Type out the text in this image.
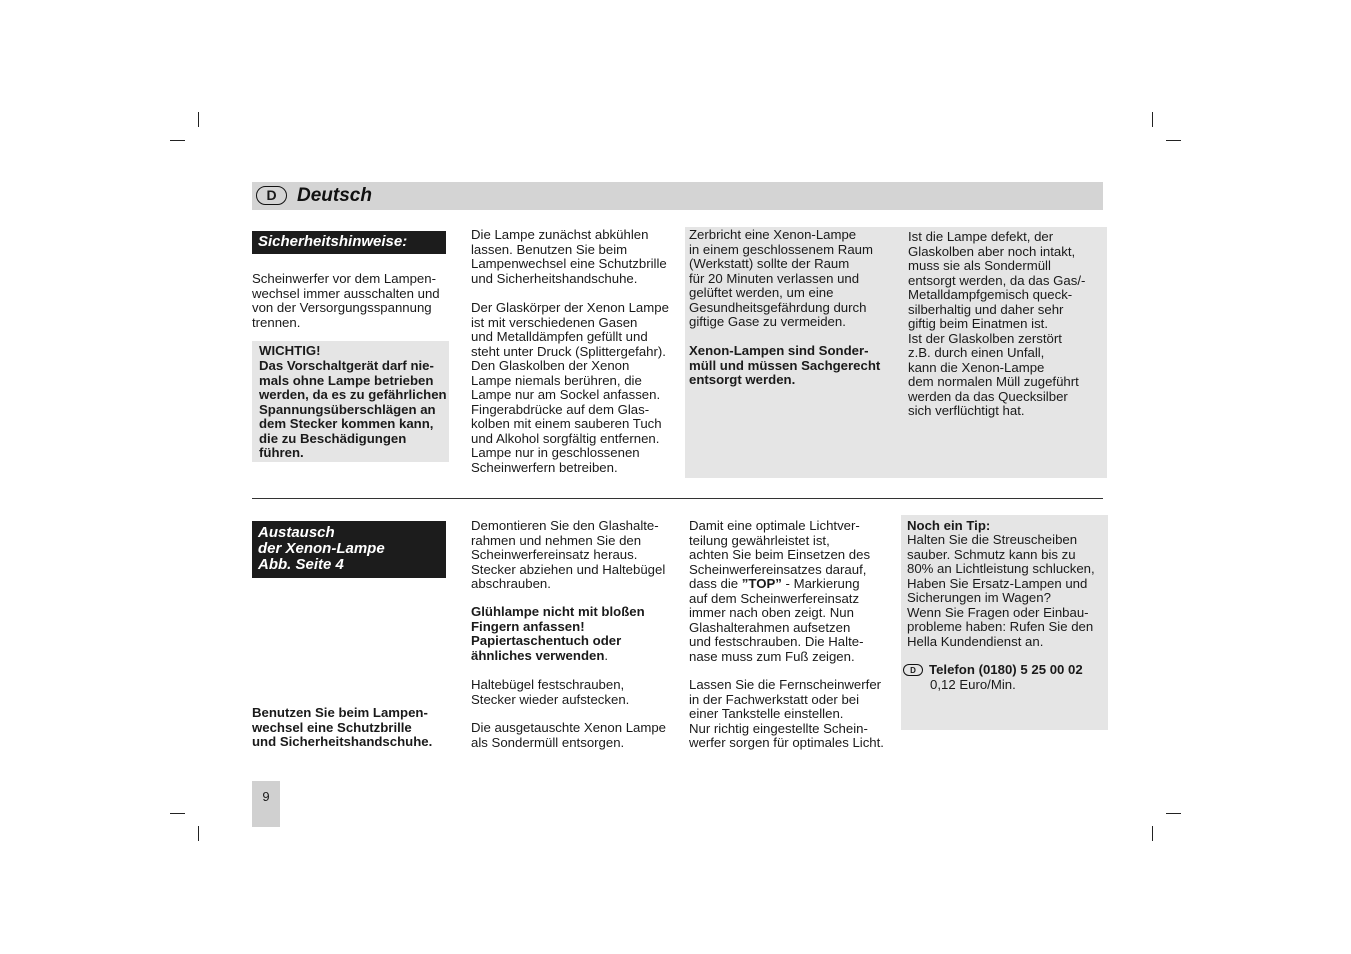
D	Deutsch
Sicherheitshinweise:

Scheinwerfer vor dem Lampen-
wechsel immer ausschalten und
von der Versorgungsspannung
trennen.

WICHTIG!
Das Vorschaltgerät darf nie-
mals ohne Lampe betrieben
werden, da es zu gefährlichen
Spannungsüberschlägen an
dem Stecker kommen kann,
die zu Beschädigungen
führen.

Die Lampe zunächst abkühlen
lassen. Benutzen Sie beim
Lampenwechsel eine Schutzbrille
und Sicherheitshandschuhe.

Der Glaskörper der Xenon Lampe
ist mit verschiedenen Gasen
und Metalldämpfen gefüllt und
steht unter Druck (Splittergefahr).
Den Glaskolben der Xenon
Lampe niemals berühren, die
Lampe nur am Sockel anfassen.
Fingerabdrücke auf dem Glas-
kolben mit einem sauberen Tuch
und Alkohol sorgfältig entfernen.
Lampe nur in geschlossenen
Scheinwerfern betreiben.

Zerbricht eine Xenon-Lampe
in einem geschlossenem Raum
(Werkstatt) sollte der Raum
für 20 Minuten verlassen und
gelüftet werden, um eine
Gesundheitsgefährdung durch
giftige Gase zu vermeiden.

Xenon-Lampen sind Sonder-
müll und müssen Sachgerecht
entsorgt werden.

Ist die Lampe defekt, der
Glaskolben aber noch intakt,
muss sie als Sondermüll
entsorgt werden, da das Gas/-
Metalldampfgemisch queck-
silberhaltig und daher sehr
giftig beim Einatmen ist.
Ist der Glaskolben zerstört
z.B. durch einen Unfall,
kann die Xenon-Lampe
dem normalen Müll zugeführt
werden da das Quecksilber
sich verflüchtigt hat.

Austausch
der Xenon-Lampe
Abb. Seite 4

Benutzen Sie beim Lampen-
wechsel eine Schutzbrille
und Sicherheitshandschuhe.

Demontieren Sie den Glashalte-
rahmen und nehmen Sie den
Scheinwerfereinsatz heraus.
Stecker abziehen und Haltebügel
abschrauben.

Glühlampe nicht mit bloßen
Fingern anfassen!
Papiertaschentuch oder
ähnliches verwenden.

Haltebügel festschrauben,
Stecker wieder aufstecken.

Die ausgetauschte Xenon Lampe
als Sondermüll entsorgen.

Damit eine optimale Lichtver-
teilung gewährleistet ist,
achten Sie beim Einsetzen des
Scheinwerfereinsatzes darauf,
dass die ”TOP” - Markierung
auf dem Scheinwerfereinsatz
immer nach oben zeigt. Nun
Glashalterahmen aufsetzen
und festschrauben. Die Halte-
nase muss zum Fuß zeigen.

Lassen Sie die Fernscheinwerfer
in der Fachwerkstatt oder bei
einer Tankstelle einstellen.
Nur richtig eingestellte Schein-
werfer sorgen für optimales Licht.

Noch ein Tip:
Halten Sie die Streuscheiben
sauber. Schmutz kann bis zu
80% an Lichtleistung schlucken,
Haben Sie Ersatz-Lampen und
Sicherungen im Wagen?
Wenn Sie Fragen oder Einbau-
probleme haben: Rufen Sie den
Hella Kundendienst an.
D Telefon (0180) 5 25 00 02
0,12 Euro/Min.
9
